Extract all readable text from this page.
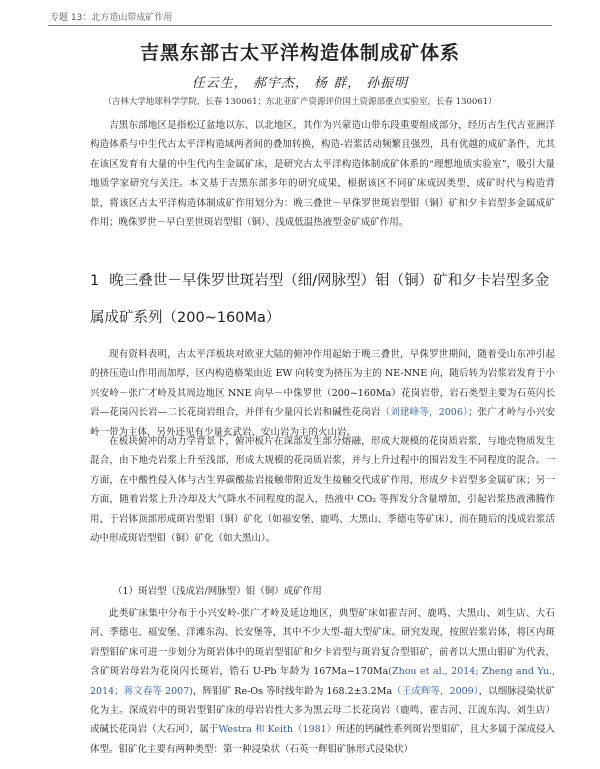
专题 13：北方造山带成矿作用
吉黑东部古太平洋构造体制成矿体系
任云生， 郝宇杰， 杨 群， 孙振明
（吉林大学地球科学学院，长春 130061；东北亚矿产资源评价国土资源部重点实验室，长春 130061）
吉黑东部地区是指松辽盆地以东、以北地区，其作为兴蒙造山带东段重要组成部分，经历古生代古亚洲洋构造体系与中生代古太平洋构造域两者间的叠加转换，构造-岩浆活动频繁且强烈，具有优越的成矿条件，尤其在该区发育有大量的中生代内生金属矿床，是研究古太平洋构造体制成矿体系的“理想地质实验室”，吸引大量地质学家研究与关注。本文基于吉黑东部多年的研究成果，根据该区不同矿床成因类型、成矿时代与构造背景，将该区古太平洋构造体制成矿作用划分为：晚三叠世－早侏罗世斑岩型钼（铜）矿和夕卡岩型多金属成矿作用；晚侏罗世－早白垩世斑岩型钼（铜）、浅成低温热液型金矿成矿作用。
1 晚三叠世－早侏罗世斑岩型（细/网脉型）钼（铜）矿和夕卡岩型多金属成矿系列（200~160Ma）
现有资料表明，古太平洋板块对欧亚大陆的俯冲作用起始于晚三叠世，早侏罗世期间，随着受山东冲引起的挤压造山作用而加厚，区内构造格架由近 EW 向转变为挤压为主的 NE-NNE 向，随后转为岩浆岩发育于小兴安岭－张广才岭及其周边地区 NNE 向早－中侏罗世（200~160Ma）花岗岩带，岩石类型主要为石英闪长岩—花岗闪长岩—二长花岗岩组合，并伴有少量闪长岩和碱性花岗岩（刘建峰等，2006）；张广才岭与小兴安岭一带为主体，另外还见有少量玄武岩、安山岩为主的火山岩。
在板块俯冲的动力学背景下，俯冲板片在深部发生部分熔融，形成大规模的花岗质岩浆，与地壳物质发生混合，由下地壳岩浆上升至浅部，形成大规模的花岗质岩浆，并与上升过程中的围岩发生不同程度的混合。一方面，在中酸性侵入体与古生界碳酸盐岩接触带附近发生接触交代成矿作用，形成夕卡岩型多金属矿床；另一方面，随着岩浆上升冷却及大气降水不同程度的混入，热液中 CO₂ 等挥发分含量增加，引起岩浆热液沸腾作用，于岩体顶部形成斑岩型钼（铜）矿化（如福安堡、鹿鸣、大黑山、季德屯等矿床），而在随后的浅成岩浆活动中形成斑岩型钼（铜）矿化（如大黑山）。
（1）斑岩型（浅成岩/网脉型）钼（铜）成矿作用
此类矿床集中分布于小兴安岭-张广才岭及延边地区，典型矿床如霍吉河、鹿鸣、大黑山、刘生店、大石河、季德屯、福安堡、洋滩东沟、长安堡等，其中不少大型-超大型矿床。研究发现，按照岩浆岩体，将区内斑岩型钼矿床可进一步划分为斑岩体中的斑岩型钼矿和夕卡岩型与斑岩复合型钼矿，前者以大黑山钼矿为代表，含矿斑岩母岩为花岗闪长斑岩，锆石 U-Pb 年龄为 167Ma~170Ma(Zhou et al., 2014; Zheng and Yu., 2014；蒋文春等 2007)，辉钼矿 Re-Os 等时线年龄为 168.2±3.2Ma（王成辉等，2009），以细脉浸染状矿化为主。深成岩中的斑岩型钼矿床的母岩岩性大多为黑云母二长花岗岩（鹿鸣、霍吉河、江流东沟、刘生店）或碱长花岗岩（大石河），属于Westra 和 Keith（1981）所述的钙碱性系列斑岩型钼矿，且大多属于深成侵入体型。钼矿化主要有两种类型：第一种浸染状（石英一辉钼矿脉形式浸染状）
